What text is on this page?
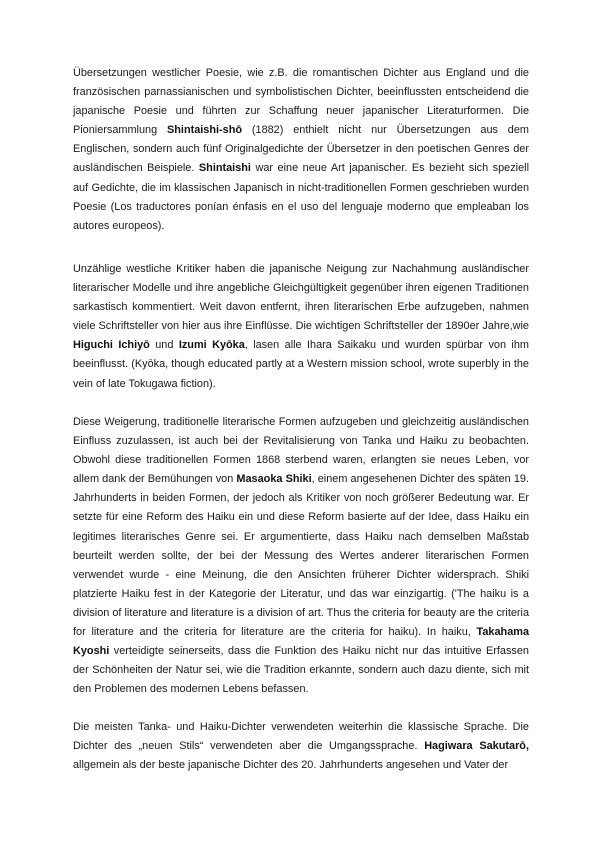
Übersetzungen westlicher Poesie, wie z.B. die romantischen Dichter aus England und die französischen parnassianischen und symbolistischen Dichter, beeinflussten entscheidend die japanische Poesie und führten zur Schaffung neuer japanischer Literaturformen. Die Pioniersammlung Shintaishi-shō (1882) enthielt nicht nur Übersetzungen aus dem Englischen, sondern auch fünf Originalgedichte der Übersetzer in den poetischen Genres der ausländischen Beispiele. Shintaishi war eine neue Art japanischer. Es bezieht sich speziell auf Gedichte, die im klassischen Japanisch in nicht-traditionellen Formen geschrieben wurden Poesie (Los traductores ponían énfasis en el uso del lenguaje moderno que empleaban los autores europeos).

Unzählige westliche Kritiker haben die japanische Neigung zur Nachahmung ausländischer literarischer Modelle und ihre angebliche Gleichgültigkeit gegenüber ihren eigenen Traditionen sarkastisch kommentiert. Weit davon entfernt, ihren literarischen Erbe aufzugeben, nahmen viele Schriftsteller von hier aus ihre Einflüsse. Die wichtigen Schriftsteller der 1890er Jahre,wie Higuchi Ichiyō und Izumi Kyōka, lasen alle Ihara Saikaku und wurden spürbar von ihm beeinflusst. (Kyōka, though educated partly at a Western mission school, wrote superbly in the vein of late Tokugawa fiction).

Diese Weigerung, traditionelle literarische Formen aufzugeben und gleichzeitig ausländischen Einfluss zuzulassen, ist auch bei der Revitalisierung von Tanka und Haiku zu beobachten. Obwohl diese traditionellen Formen 1868 sterbend waren, erlangten sie neues Leben, vor allem dank der Bemühungen von Masaoka Shiki, einem angesehenen Dichter des späten 19. Jahrhunderts in beiden Formen, der jedoch als Kritiker von noch größerer Bedeutung war. Er setzte für eine Reform des Haiku ein und diese Reform basierte auf der Idee, dass Haiku ein legitimes literarisches Genre sei. Er argumentierte, dass Haiku nach demselben Maßstab beurteilt werden sollte, der bei der Messung des Wertes anderer literarischen Formen verwendet wurde - eine Meinung, die den Ansichten früherer Dichter widersprach. Shiki platzierte Haiku fest in der Kategorie der Literatur, und das war einzigartig. ('The haiku is a division of literature and literature is a division of art. Thus the criteria for beauty are the criteria for literature and the criteria for literature are the criteria for haiku). In haiku, Takahama Kyoshi verteidigte seinerseits, dass die Funktion des Haiku nicht nur das intuitive Erfassen der Schönheiten der Natur sei, wie die Tradition erkannte, sondern auch dazu diente, sich mit den Problemen des modernen Lebens befassen.

Die meisten Tanka- und Haiku-Dichter verwendeten weiterhin die klassische Sprache. Die Dichter des „neuen Stils“ verwendeten aber die Umgangssprache. Hagiwara Sakutarō, allgemein als der beste japanische Dichter des 20. Jahrhunderts angesehen und Vater der
